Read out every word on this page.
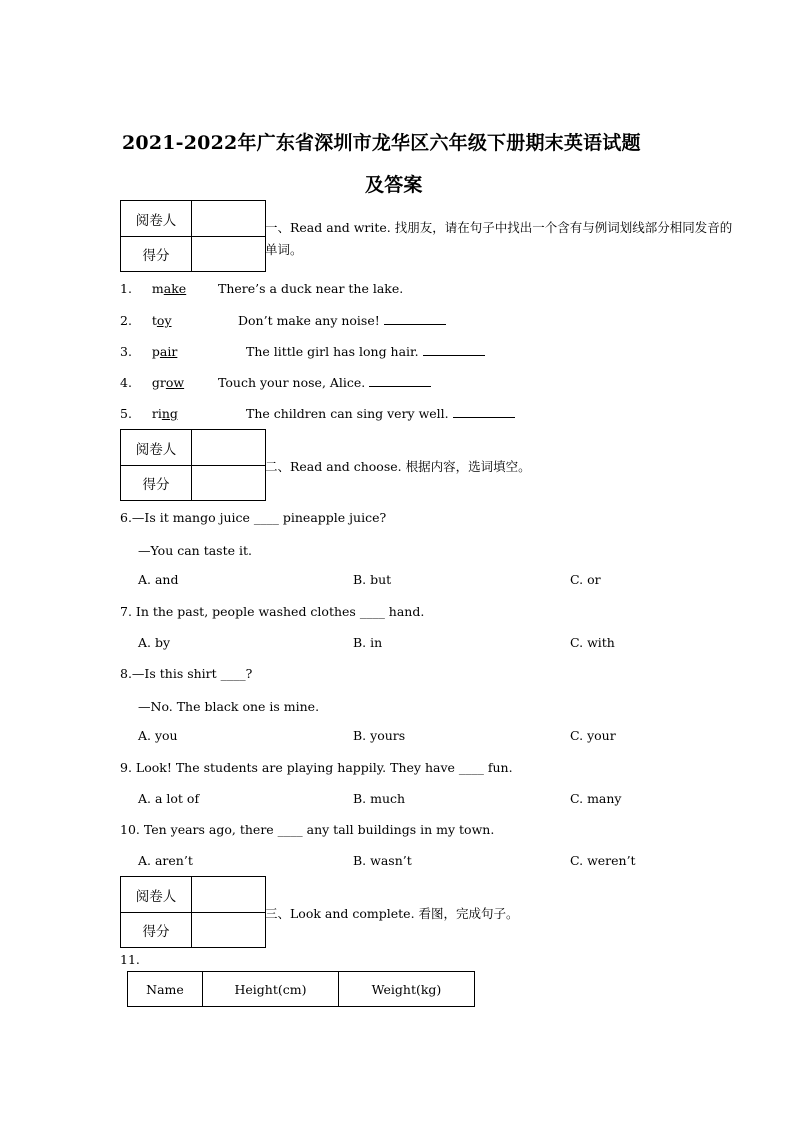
2021-2022年广东省深圳市龙华区六年级下册期末英语试题
及答案
阅卷人
得分
一、Read and write. 找朋友，请在句子中找出一个含有与例词划线部分相同发音的
单词。
1. make	There’s a duck near the lake.
2. toy	Don’t make any noise!
3. pair	The little girl has long hair.
4. grow	Touch your nose, Alice.
5. ring	The children can sing very well.
阅卷人
得分
二、Read and choose. 根据内容，选词填空。
6.—Is it mango juice ____ pineapple juice?
—You can taste it.
A. and	B. but	C. or
7. In the past, people washed clothes ____ hand.
A. by	B. in	C. with
8.—Is this shirt ____?
—No. The black one is mine.
A. you	B. yours	C. your
9. Look! The students are playing happily. They have ____ fun.
A. a lot of	B. much	C. many
10. Ten years ago, there ____ any tall buildings in my town.
A. aren’t	B. wasn’t	C. weren’t
阅卷人
得分
三、Look and complete. 看图，完成句子。
11.
Name	Height(cm)	Weight(kg)
